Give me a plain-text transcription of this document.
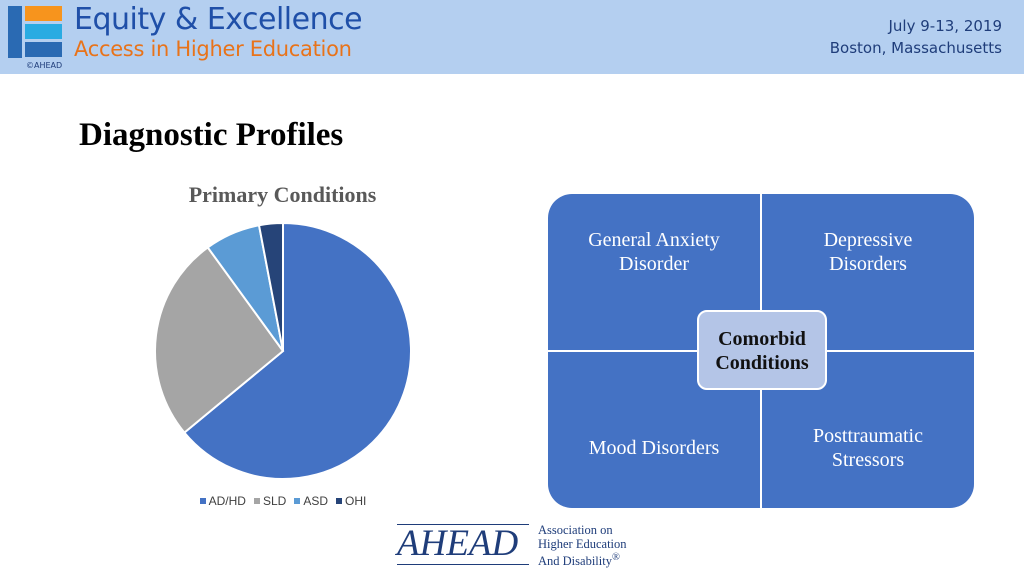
©AHEAD
Equity & Excellence
Access in Higher Education
July 9-13, 2019
Boston, Massachusetts
Diagnostic Profiles
Primary Conditions
AD/HD SLD ASD OHI
General Anxiety
Disorder
Depressive
Disorders
Mood Disorders
Posttraumatic
Stressors
Comorbid
Conditions
AHEAD Association on
Higher Education
And Disability®
